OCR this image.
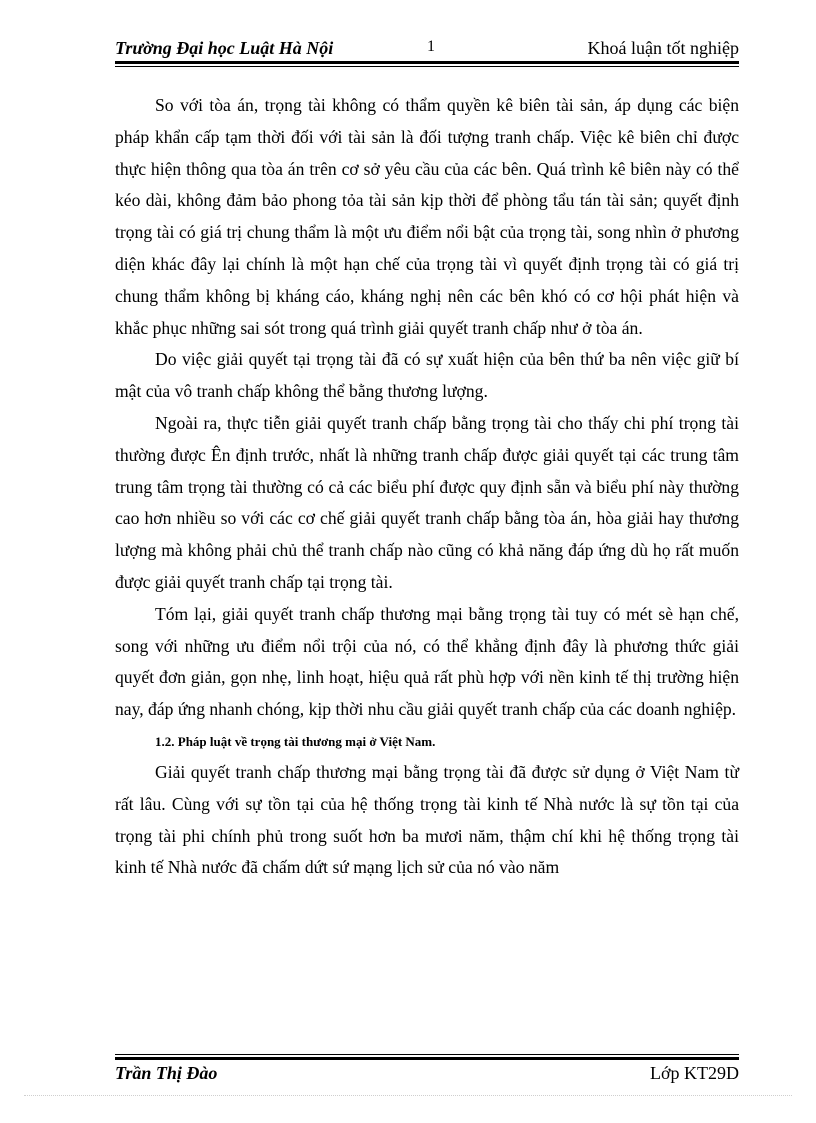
Trường Đại học Luật Hà Nội	1	Khoá luận tốt nghiệp

So với tòa án, trọng tài không có thẩm quyền kê biên tài sản, áp dụng các biện pháp khẩn cấp tạm thời đối với tài sản là đối tượng tranh chấp. Việc kê biên chỉ được thực hiện thông qua tòa án trên cơ sở yêu cầu của các bên. Quá trình kê biên này có thể kéo dài, không đảm bảo phong tỏa tài sản kịp thời để phòng tẩu tán tài sản; quyết định trọng tài có giá trị chung thẩm là một ưu điểm nổi bật của trọng tài, song nhìn ở phương diện khác đây lại chính là một hạn chế của trọng tài vì quyết định trọng tài có giá trị chung thẩm không bị kháng cáo, kháng nghị nên các bên khó có cơ hội phát hiện và khắc phục những sai sót trong quá trình giải quyết tranh chấp như ở tòa án.

Do việc giải quyết tại trọng tài đã có sự xuất hiện của bên thứ ba nên việc giữ bí mật của vô tranh chấp không thể bằng thương lượng.

Ngoài ra, thực tiễn giải quyết tranh chấp bằng trọng tài cho thấy chi phí trọng tài thường được Ên định trước, nhất là những tranh chấp được giải quyết tại các trung tâm trung tâm trọng tài thường có cả các biểu phí được quy định sẵn và biểu phí này thường cao hơn nhiều so với các cơ chế giải quyết tranh chấp bằng tòa án, hòa giải hay thương lượng mà không phải chủ thể tranh chấp nào cũng có khả năng đáp ứng dù họ rất muốn được giải quyết tranh chấp tại trọng tài.

Tóm lại, giải quyết tranh chấp thương mại bằng trọng tài tuy có mét sè hạn chế, song với những ưu điểm nổi trội của nó, có thể khẳng định đây là phương thức giải quyết đơn giản, gọn nhẹ, linh hoạt, hiệu quả rất phù hợp với nền kinh tế thị trường hiện nay, đáp ứng nhanh chóng, kịp thời nhu cầu giải quyết tranh chấp của các doanh nghiệp.

1.2. Pháp luật về trọng tài thương mại ở Việt Nam.

Giải quyết tranh chấp thương mại bằng trọng tài đã được sử dụng ở Việt Nam từ rất lâu. Cùng với sự tồn tại của hệ thống trọng tài kinh tế Nhà nước là sự tồn tại của trọng tài phi chính phủ trong suốt hơn ba mươi năm, thậm chí khi hệ thống trọng tài kinh tế Nhà nước đã chấm dứt sứ mạng lịch sử của nó vào năm

Trần Thị Đào	Lớp KT29D
